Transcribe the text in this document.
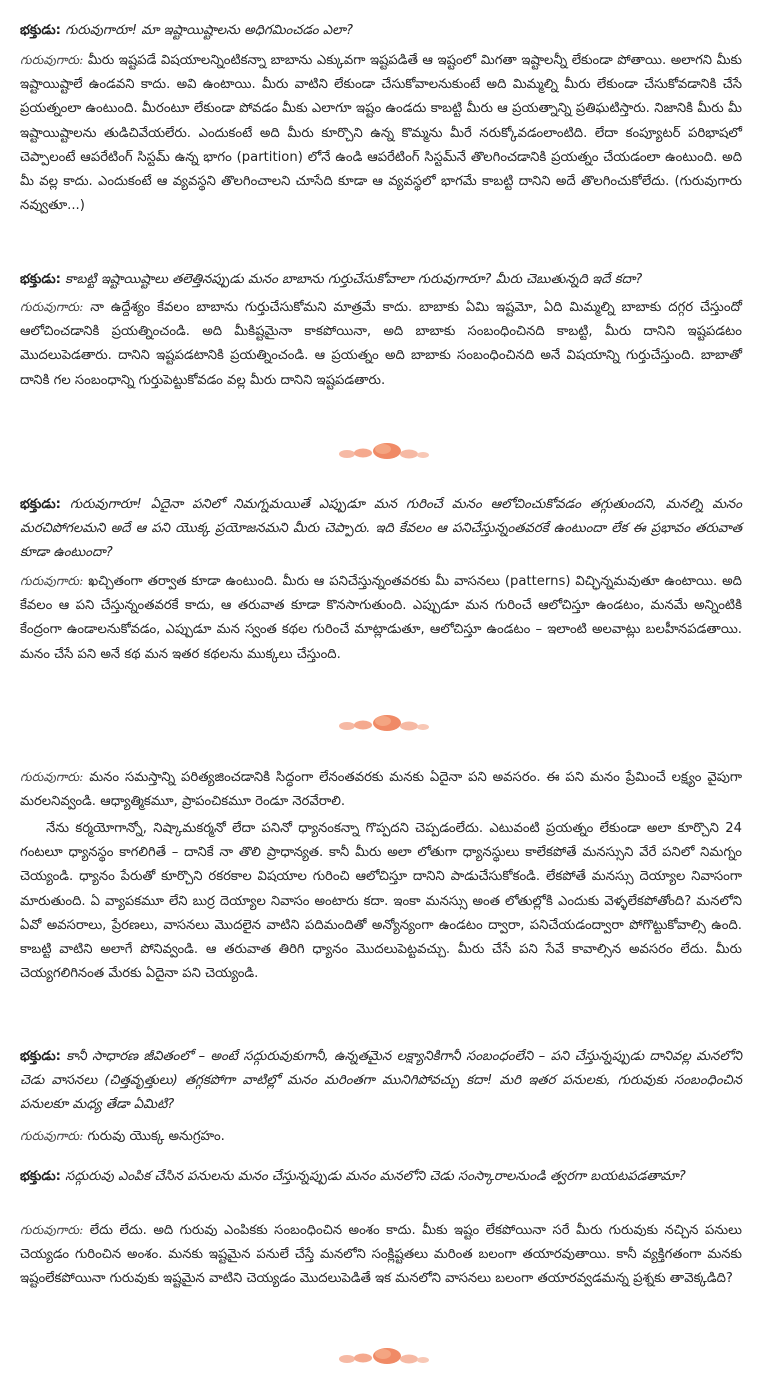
భక్తుడు: గురువుగారూ! మా ఇష్టాయిష్టాలను అధిగమించడం ఎలా?
గురువుగారు: మీరు ఇష్టపడే విషయాలన్నింటికన్నా బాబాను ఎక్కువగా ఇష్టపడితే ఆ ఇష్టంలో మిగతా ఇష్టాలన్నీ లేకుండా పోతాయి. అలాగని మీకు ఇష్టాయిష్టాలే ఉండవని కాదు. అవి ఉంటాయి. మీరు వాటిని లేకుండా చేసుకోవాలనుకుంటే అది మిమ్మల్ని మీరు లేకుండా చేసుకోవడానికి చేసే ప్రయత్నంలా ఉంటుంది. మీరంటూ లేకుండా పోవడం మీకు ఎలాగూ ఇష్టం ఉండదు కాబట్టి మీరు ఆ ప్రయత్నాన్ని ప్రతిఘటిస్తారు. నిజానికి మీరు మీ ఇష్టాయిష్టాలను తుడిచివేయలేరు. ఎందుకంటే అది మీరు కూర్చొని ఉన్న కొమ్మను మీరే నరుక్కోవడంలాంటిది. లేదా కంప్యూటర్ పరిభాషలో చెప్పాలంటే ఆపరేటింగ్ సిస్టమ్ ఉన్న భాగం (partition) లోనే ఉండి ఆపరేటింగ్ సిస్టమ్‌నే తొలగించడానికి ప్రయత్నం చేయడంలా ఉంటుంది. అది మీ వల్ల కాదు. ఎందుకంటే ఆ వ్యవస్థని తొలగించాలని చూసేది కూడా ఆ వ్యవస్థలో భాగమే కాబట్టి దానిని అదే తొలగించుకోలేదు. (గురువుగారు నవ్వుతూ...)
భక్తుడు: కాబట్టి ఇష్టాయిష్టాలు తలెత్తినప్పుడు మనం బాబాను గుర్తుచేసుకోవాలా గురువుగారూ? మీరు చెబుతున్నది ఇదే కదా?
గురువుగారు: నా ఉద్దేశ్యం కేవలం బాబాను గుర్తుచేసుకోమని మాత్రమే కాదు. బాబాకు ఏమి ఇష్టమో, ఏది మిమ్మల్ని బాబాకు దగ్గర చేస్తుందో ఆలోచించడానికి ప్రయత్నించండి. అది మీకిష్టమైనా కాకపోయినా, అది బాబాకు సంబంధించినది కాబట్టి, మీరు దానిని ఇష్టపడటం మొదలుపెడతారు. దానిని ఇష్టపడటానికి ప్రయత్నించండి. ఆ ప్రయత్నం అది బాబాకు సంబంధించినది అనే విషయాన్ని గుర్తుచేస్తుంది. బాబాతో దానికి గల సంబంధాన్ని గుర్తుపెట్టుకోవడం వల్ల మీరు దానిని ఇష్టపడతారు.
భక్తుడు: గురువుగారూ! ఏదైనా పనిలో నిమగ్నమయితే ఎప్పుడూ మన గురించే మనం ఆలోచించుకోవడం తగ్గుతుందని, మనల్ని మనం మరచిపోగలమని అదే ఆ పని యొక్క ప్రయోజనమని మీరు చెప్పారు. ఇది కేవలం ఆ పనిచేస్తున్నంతవరకే ఉంటుందా లేక ఈ ప్రభావం తరువాత కూడా ఉంటుందా?
గురువుగారు: ఖచ్చితంగా తర్వాత కూడా ఉంటుంది. మీరు ఆ పనిచేస్తున్నంతవరకు మీ వాసనలు (patterns) విచ్ఛిన్నమవుతూ ఉంటాయి. అది కేవలం ఆ పని చేస్తున్నంతవరకే కాదు, ఆ తరువాత కూడా కొనసాగుతుంది. ఎప్పుడూ మన గురించే ఆలోచిస్తూ ఉండటం, మనమే అన్నింటికి కేంద్రంగా ఉండాలనుకోవడం, ఎప్పుడూ మన స్వంత కథల గురించే మాట్లాడుతూ, ఆలోచిస్తూ ఉండటం – ఇలాంటి అలవాట్లు బలహీనపడతాయి. మనం చేసే పని అనే కథ మన ఇతర కథలను ముక్కలు చేస్తుంది.
గురువుగారు: మనం సమస్తాన్ని పరిత్యజించడానికి సిద్ధంగా లేనంతవరకు మనకు ఏదైనా పని అవసరం. ఈ పని మనం ప్రేమించే లక్ష్యం వైపుగా మరలనివ్వండి. ఆధ్యాత్మికమూ, ప్రాపంచికమూ రెండూ నెరవేరాలి.
నేను కర్మయోగాన్నో, నిష్కామకర్మనో లేదా పనినో ధ్యానంకన్నా గొప్పదని చెప్పడంలేదు. ఎటువంటి ప్రయత్నం లేకుండా అలా కూర్చొని 24 గంటలూ ధ్యానస్థం కాగలిగితే – దానికే నా తొలి ప్రాధాన్యత. కానీ మీరు అలా లోతుగా ధ్యానస్థులు కాలేకపోతే మనస్సుని వేరే పనిలో నిమగ్నం చెయ్యండి. ధ్యానం పేరుతో కూర్చొని రకరకాల విషయాల గురించి ఆలోచిస్తూ దానిని పాడుచేసుకోకండి. లేకపోతే మనస్సు దెయ్యాల నివాసంగా మారుతుంది. ఏ వ్యాపకమూ లేని బుర్ర దెయ్యాల నివాసం అంటారు కదా. ఇంకా మనస్సు అంత లోతుల్లోకి ఎందుకు వెళ్ళలేకపోతోంది? మనలోని ఏవో అవసరాలు, ప్రేరణలు, వాసనలు మొదలైన వాటిని పదిమందితో అన్యోన్యంగా ఉండటం ద్వారా, పనిచేయడంద్వారా పోగొట్టుకోవాల్సి ఉంది. కాబట్టి వాటిని అలాగే పోనివ్వండి. ఆ తరువాత తిరిగి ధ్యానం మొదలుపెట్టవచ్చు. మీరు చేసే పని సేవే కావాల్సిన అవసరం లేదు. మీరు చెయ్యగలిగినంత మేరకు ఏదైనా పని చెయ్యండి.
భక్తుడు: కానీ సాధారణ జీవితంలో – అంటే సద్గురువుకుగానీ, ఉన్నతమైన లక్ష్యానికిగానీ సంబంధంలేని – పని చేస్తున్నప్పుడు దానివల్ల మనలోని చెడు వాసనలు (చిత్తవృత్తులు) తగ్గకపోగా వాటిల్లో మనం మరింతగా మునిగిపోవచ్చు కదా! మరి ఇతర పనులకు, గురువుకు సంబంధించిన పనులకూ మధ్య తేడా ఏమిటి?
గురువుగారు: గురువు యొక్క అనుగ్రహం.
భక్తుడు: సద్గురువు ఎంపిక చేసిన పనులను మనం చేస్తున్నప్పుడు మనం మనలోని చెడు సంస్కారాలనుండి త్వరగా బయటపడతామా?
గురువుగారు: లేదు లేదు. అది గురువు ఎంపికకు సంబంధించిన అంశం కాదు. మీకు ఇష్టం లేకపోయినా సరే మీరు గురువుకు నచ్చిన పనులు చెయ్యడం గురించిన అంశం. మనకు ఇష్టమైన పనులే చేస్తే మనలోని సంక్లిష్టతలు మరింత బలంగా తయారవుతాయి. కానీ వ్యక్తిగతంగా మనకు ఇష్టంలేకపోయినా గురువుకు ఇష్టమైన వాటిని చెయ్యడం మొదలుపెడితే ఇక మనలోని వాసనలు బలంగా తయారవ్వడమన్న ప్రశ్నకు తావెక్కడిది?
